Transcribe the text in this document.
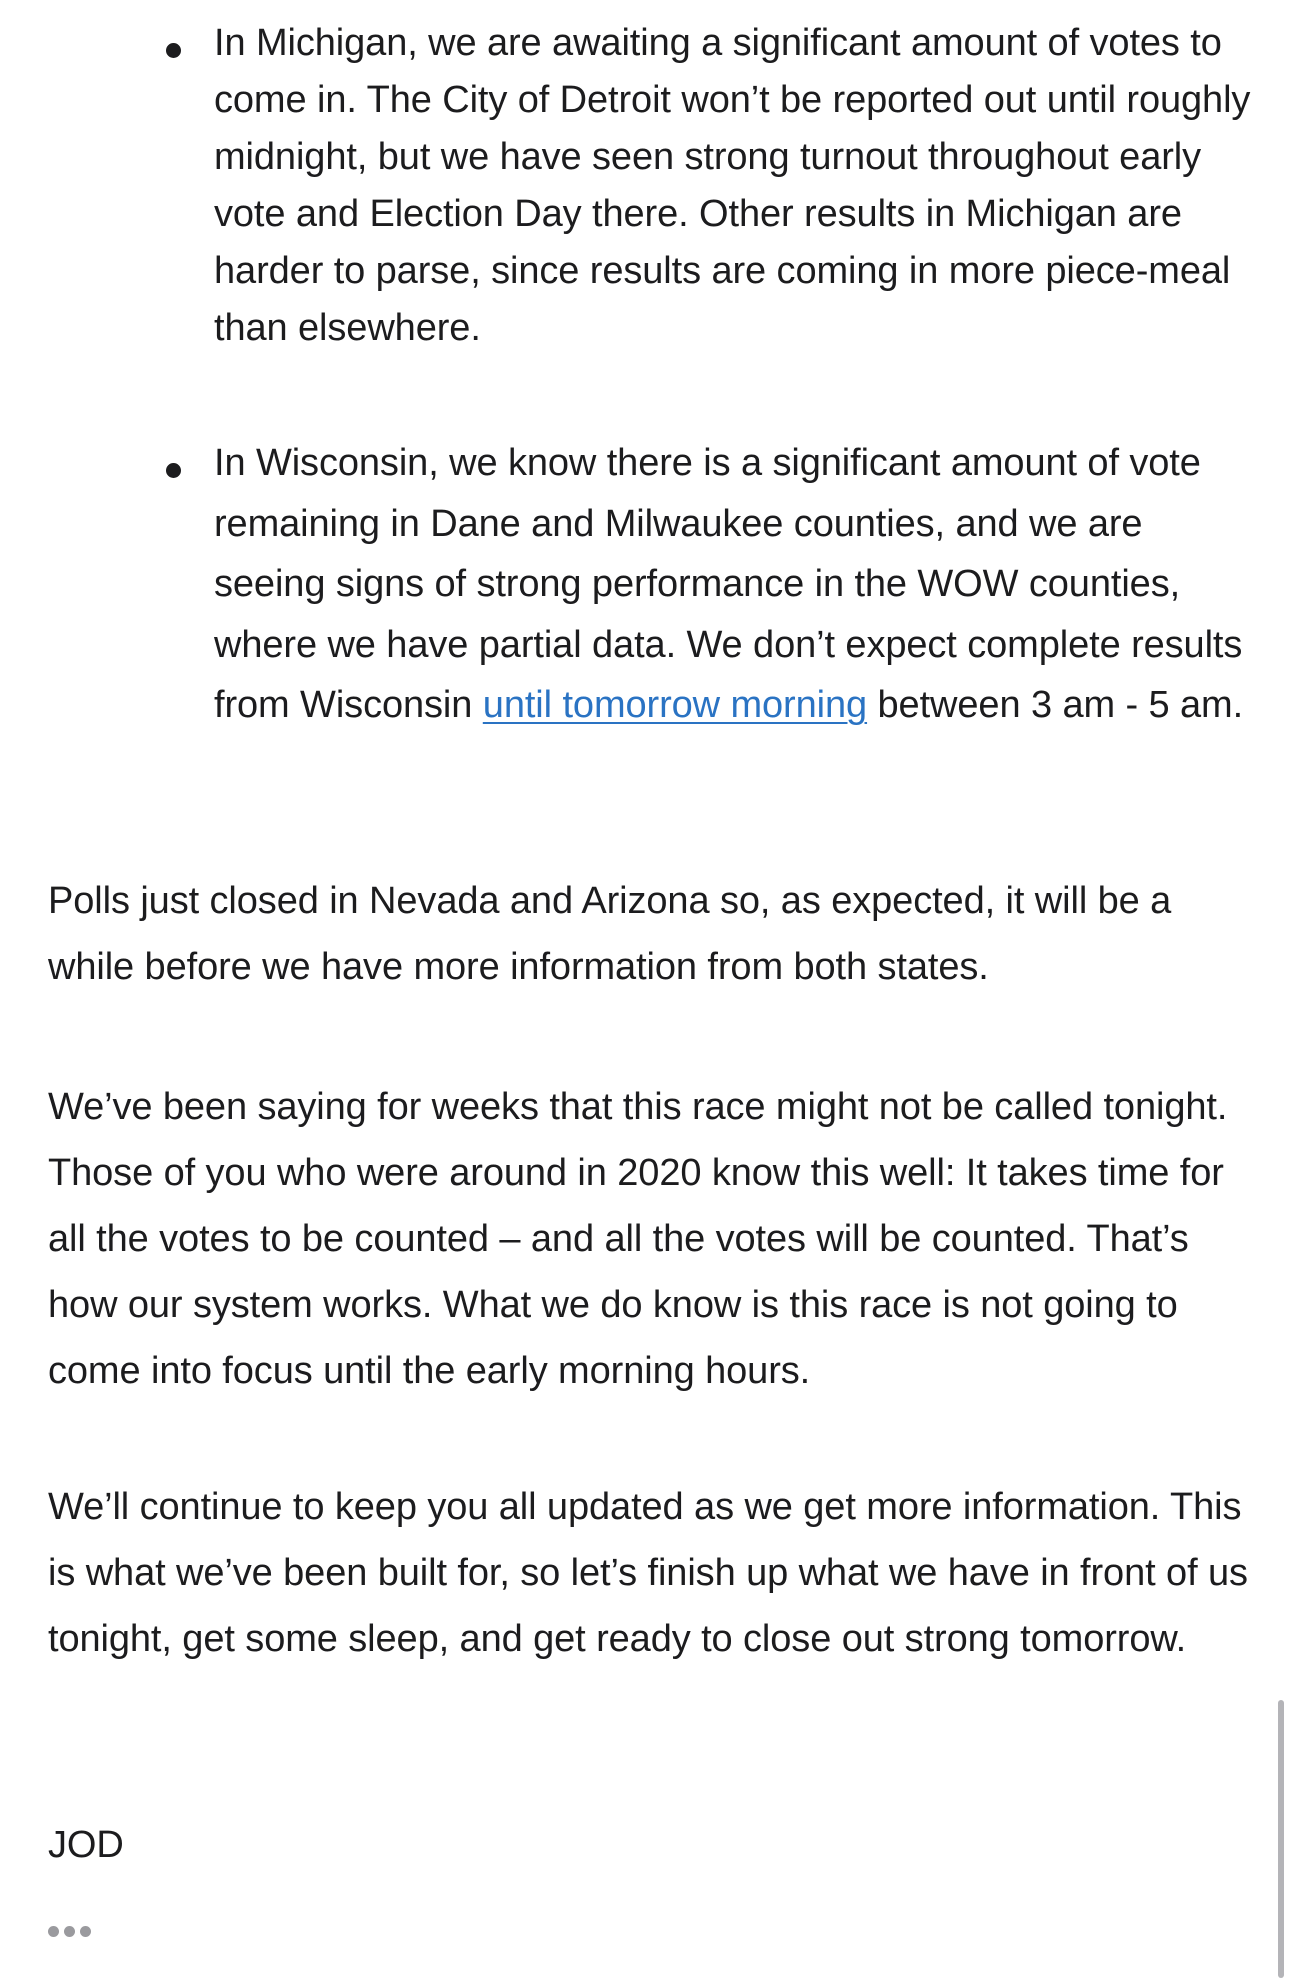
In Michigan, we are awaiting a significant amount of votes to come in. The City of Detroit won’t be reported out until roughly midnight, but we have seen strong turnout throughout early vote and Election Day there. Other results in Michigan are harder to parse, since results are coming in more piece-meal than elsewhere.
In Wisconsin, we know there is a significant amount of vote remaining in Dane and Milwaukee counties, and we are seeing signs of strong performance in the WOW counties, where we have partial data. We don’t expect complete results from Wisconsin until tomorrow morning between 3 am - 5 am.

Polls just closed in Nevada and Arizona so, as expected, it will be a while before we have more information from both states.

We’ve been saying for weeks that this race might not be called tonight. Those of you who were around in 2020 know this well: It takes time for all the votes to be counted – and all the votes will be counted. That’s how our system works. What we do know is this race is not going to come into focus until the early morning hours.

We’ll continue to keep you all updated as we get more information. This is what we’ve been built for, so let’s finish up what we have in front of us tonight, get some sleep, and get ready to close out strong tomorrow.

JOD
